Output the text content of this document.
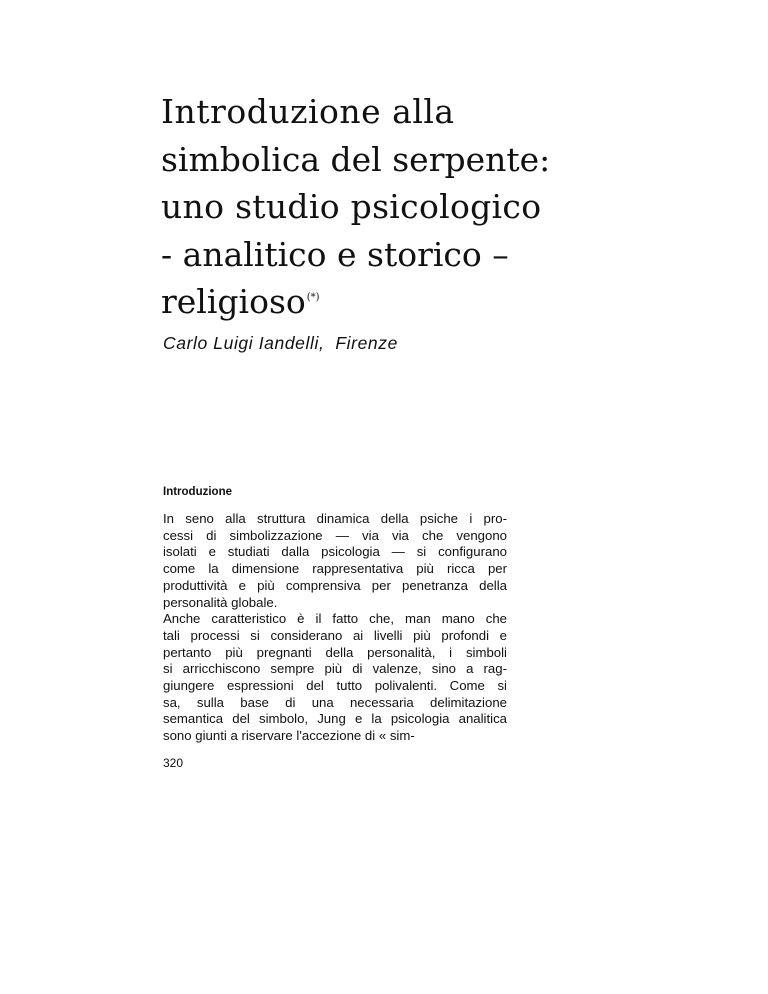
Introduzione alla
simbolica del serpente:
uno studio psicologico
- analitico e storico –
religioso(*)

Carlo Luigi Iandelli,  Firenze

Introduzione
In seno alla struttura dinamica della psiche i pro-
cessi di simbolizzazione — via via che vengono
isolati e studiati dalla psicologia — si configurano
come la dimensione rappresentativa più ricca per
produttività e più comprensiva per penetranza della
personalità globale.
Anche caratteristico è il fatto che, man mano che
tali processi si considerano ai livelli più profondi e
pertanto più pregnanti della personalità, i simboli
si arricchiscono sempre più di valenze, sino a rag-
giungere espressioni del tutto polivalenti. Come si
sa, sulla base di una necessaria delimitazione
semantica del simbolo, Jung e la psicologia analitica
sono giunti a riservare l'accezione di « sim-
320
